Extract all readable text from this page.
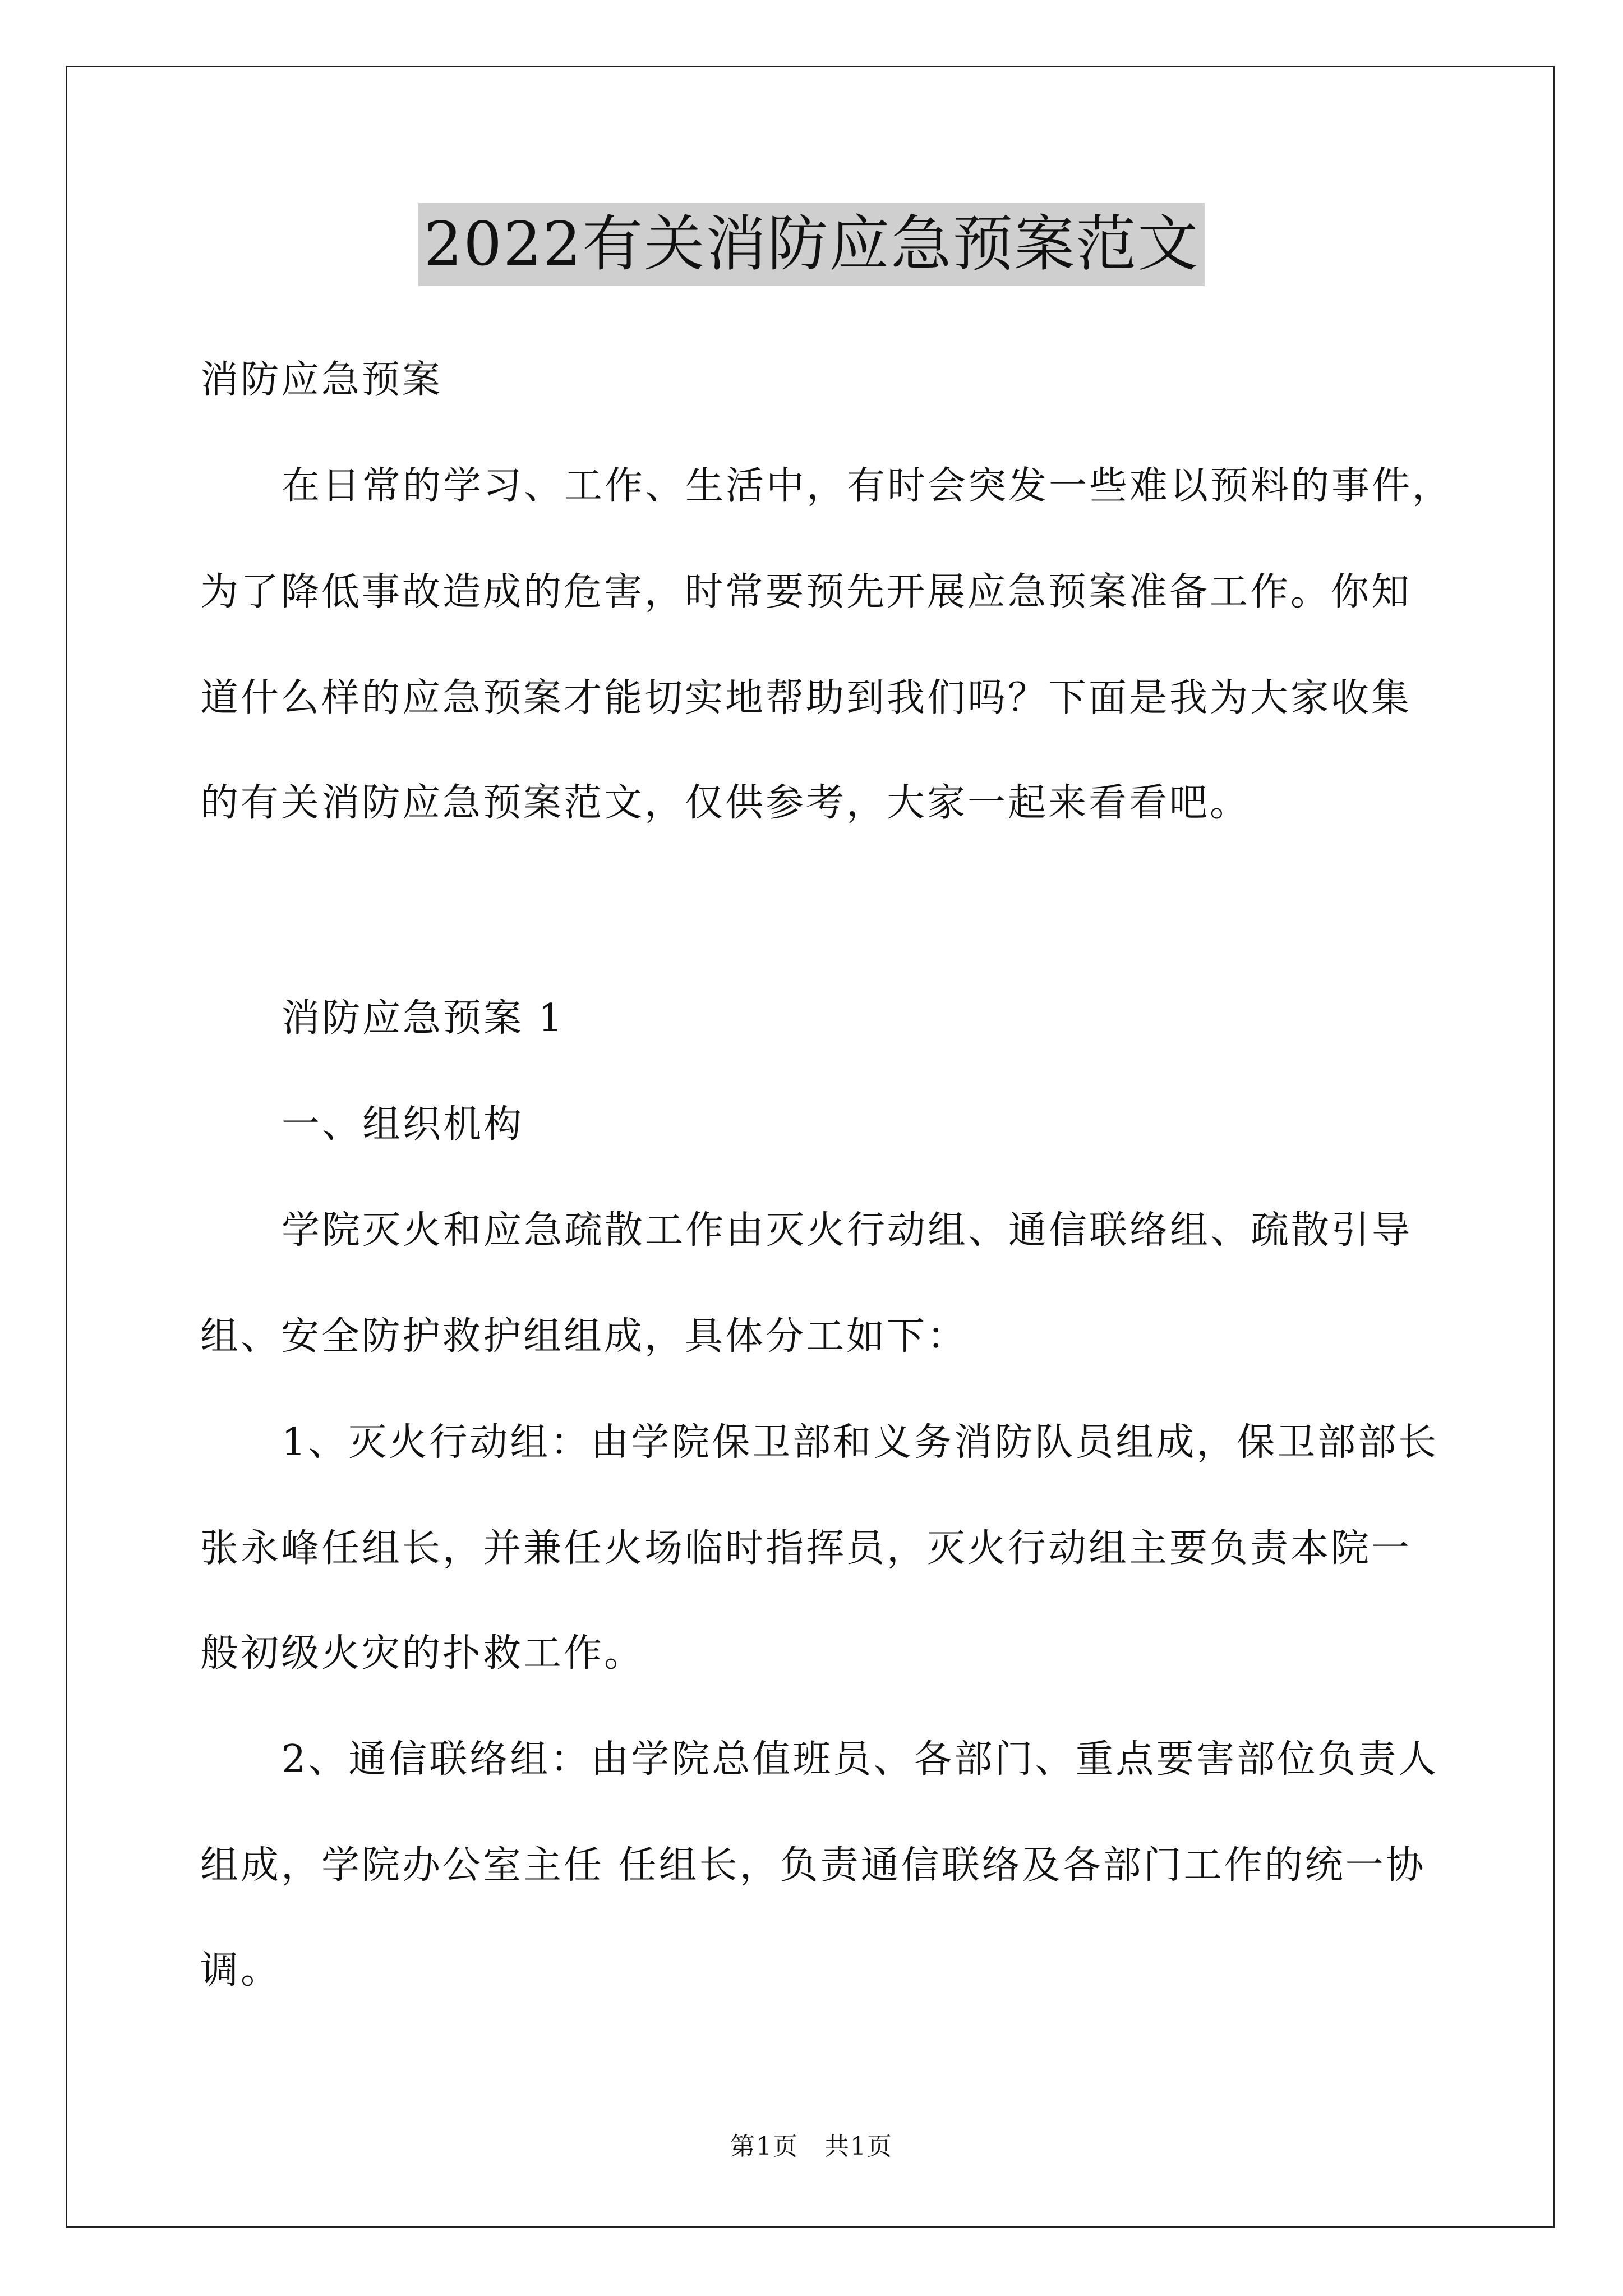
2022有关消防应急预案范文
消防应急预案
在日常的学习、工作、生活中，有时会突发一些难以预料的事件，
为了降低事故造成的危害，时常要预先开展应急预案准备工作。你知
道什么样的应急预案才能切实地帮助到我们吗？下面是我为大家收集
的有关消防应急预案范文，仅供参考，大家一起来看看吧。
消防应急预案 1
一、组织机构
学院灭火和应急疏散工作由灭火行动组、通信联络组、疏散引导
组、安全防护救护组组成，具体分工如下：
1、灭火行动组：由学院保卫部和义务消防队员组成，保卫部部长
张永峰任组长，并兼任火场临时指挥员，灭火行动组主要负责本院一
般初级火灾的扑救工作。
2、通信联络组：由学院总值班员、各部门、重点要害部位负责人
组成，学院办公室主任 任组长，负责通信联络及各部门工作的统一协
调。
第1页 共1页
